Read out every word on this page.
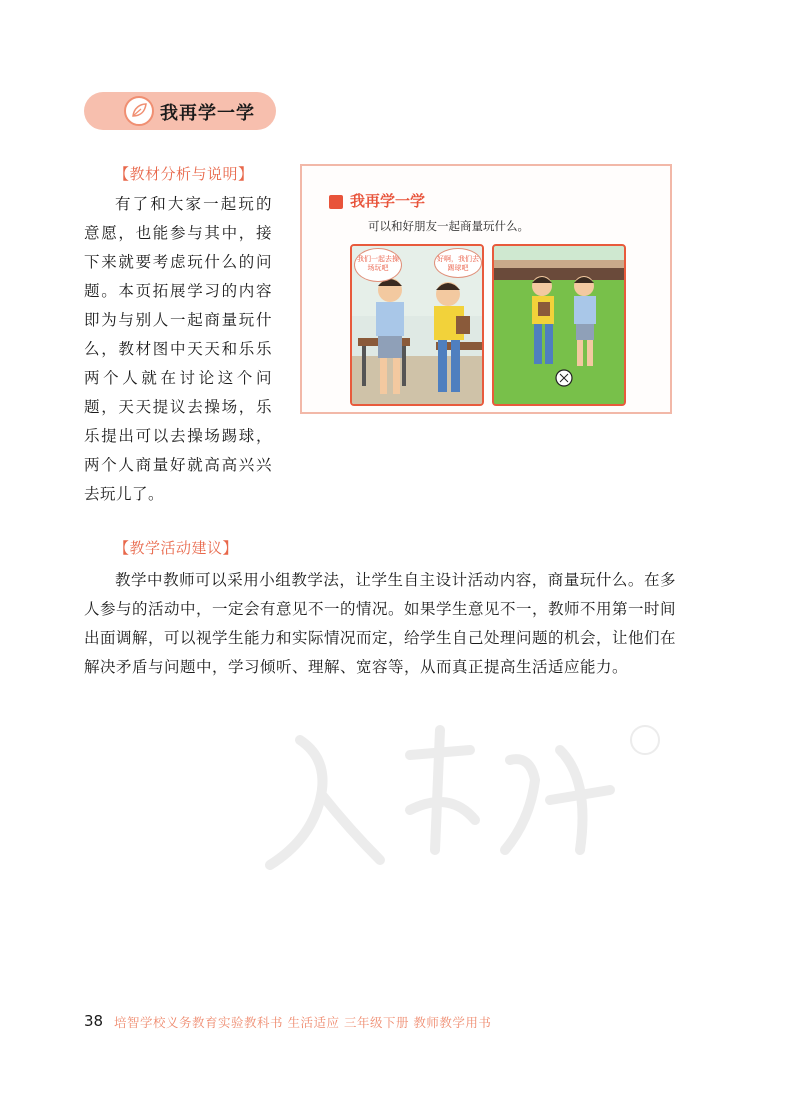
我再学一学
【教材分析与说明】
有了和大家一起玩的意愿，也能参与其中，接下来就要考虑玩什么的问题。本页拓展学习的内容即为与别人一起商量玩什么，教材图中天天和乐乐两个人就在讨论这个问题，天天提议去操场，乐乐提出可以去操场踢球，两个人商量好就高高兴兴去玩儿了。
我再学一学
可以和好朋友一起商量玩什么。
我们一起去操场玩吧
好啊，我们去踢球吧
【教学活动建议】
教学中教师可以采用小组教学法，让学生自主设计活动内容，商量玩什么。在多人参与的活动中，一定会有意见不一的情况。如果学生意见不一，教师不用第一时间出面调解，可以视学生能力和实际情况而定，给学生自己处理问题的机会，让他们在解决矛盾与问题中，学习倾听、理解、宽容等，从而真正提高生活适应能力。
38 培智学校义务教育实验教科书 生活适应 三年级下册 教师教学用书
